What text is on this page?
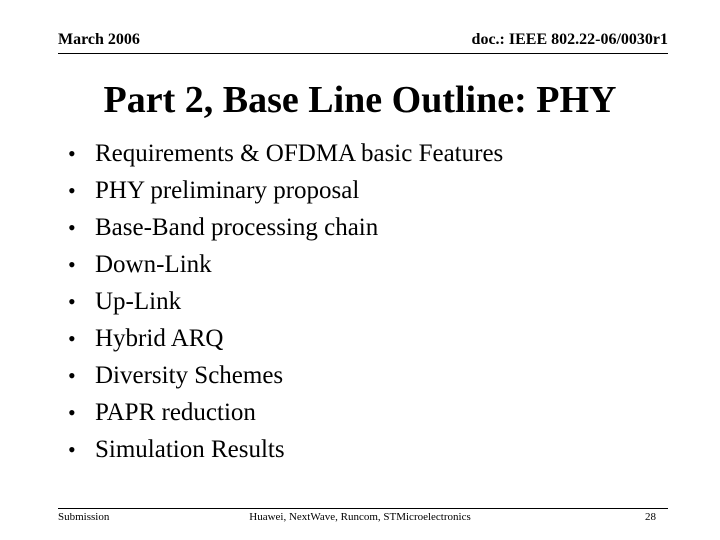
March 2006	doc.: IEEE 802.22-06/0030r1
Part 2, Base Line Outline: PHY
• Requirements & OFDMA basic Features
• PHY preliminary proposal
• Base-Band processing chain
• Down-Link
• Up-Link
• Hybrid ARQ
• Diversity Schemes
• PAPR reduction
• Simulation Results
Submission	Huawei, NextWave, Runcom, STMicroelectronics	28
